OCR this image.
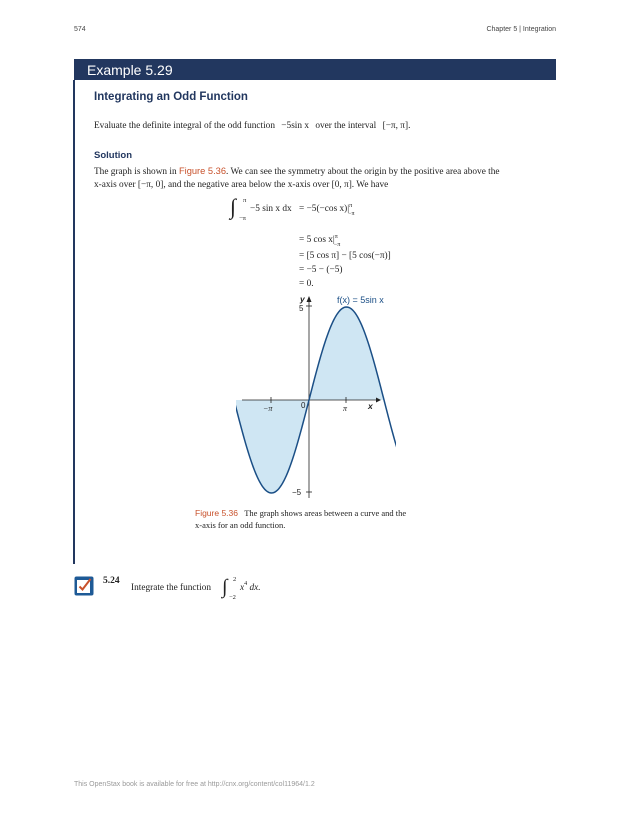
574	Chapter 5 | Integration
Example 5.29
Integrating an Odd Function
Evaluate the definite integral of the odd function −5sin x over the interval [−π, π].
Solution
The graph is shown in Figure 5.36. We can see the symmetry about the origin by the positive area above the
x-axis over [−π, 0], and the negative area below the x-axis over [0, π]. We have
∫ π
−π
−5 sin x dx = −5(−cos $x)|^\pi_{-\pi}$
= 5 $\cos x|^\pi_{-\pi}$
= [5 cos π] − [5 cos(−π)]
= −5 − (−5)
= 0.
y
x
5
−5
0
−π	π
f(x) = 5sin x
Figure 5.36 The graph shows areas between a curve and the
x-axis for an odd function.
5.24
Integrate the function ∫ 2
−2
$x^4$ dx.
This OpenStax book is available for free at http://cnx.org/content/col11964/1.2
